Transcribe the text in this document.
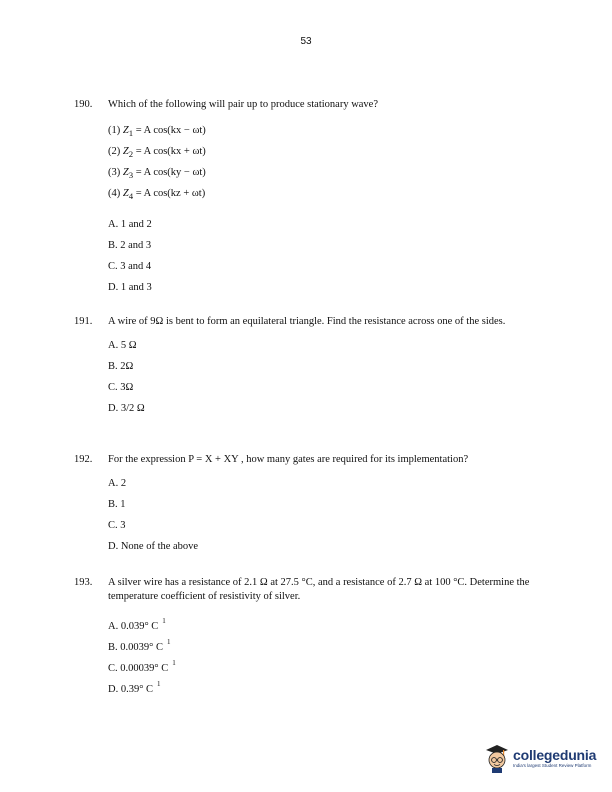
53
190.	Which of the following will pair up to produce stationary wave?
(1) $Z_1 = A$ cos(kx − ωt)
(2) $Z_2 = A$ cos(kx + ωt)
(3) $Z_3 = A$ cos(ky − ωt)
(4) $Z_4 = A$ cos(kz + ωt)
A. 1 and 2
B. 2 and 3
C. 3 and 4
D. 1 and 3
191.	A wire of 9Ω is bent to form an equilateral triangle. Find the resistance across one of the sides.
A. 5 Ω
B. 2Ω
C. 3Ω
D. 3/2 Ω
192.	For the expression P = X + XY , how many gates are required for its implementation?
A. 2
B. 1
C. 3
D. None of the above
193.	A silver wire has a resistance of 2.1 Ω at 27.5 °C, and a resistance of 2.7 Ω at 100 °C. Determine the temperature coefficient of resistivity of silver.
A. 0.039° C $^1$
B. 0.0039° C $^1$
C. 0.00039° C $^1$
D. 0.39° C $^1$
collegedunia
India's largest Student Review Platform
